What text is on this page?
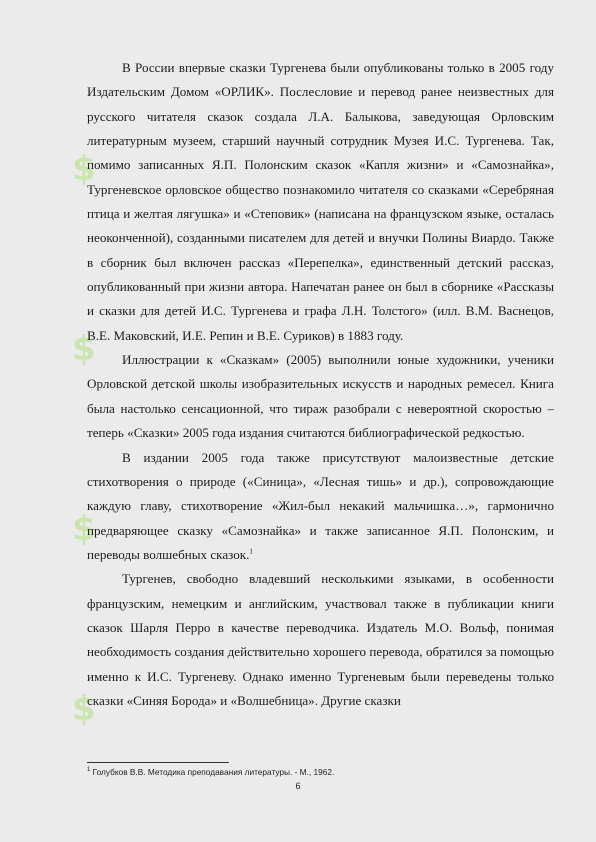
$
$
$
$

В России впервые сказки Тургенева были опубликованы только в 2005 году Издательским Домом «ОРЛИК». Послесловие и перевод ранее неизвестных для русского читателя сказок создала Л.А. Балыкова, заведующая Орловским литературным музеем, старший научный сотрудник Музея И.С. Тургенева. Так, помимо записанных Я.П. Полонским сказок «Капля жизни» и «Самознайка», Тургеневское орловское общество познакомило читателя со сказками «Серебряная птица и желтая лягушка» и «Степовик» (написана на французском языке, осталась неоконченной), созданными писателем для детей и внучки Полины Виардо. Также в сборник был включен рассказ «Перепелка», единственный детский рассказ, опубликованный при жизни автора. Напечатан ранее он был в сборнике «Рассказы и сказки для детей И.С. Тургенева и графа Л.Н. Толстого» (илл. В.М. Васнецов, В.Е. Маковский, И.Е. Репин и В.Е. Суриков) в 1883 году.

Иллюстрации к «Сказкам» (2005) выполнили юные художники, ученики Орловской детской школы изобразительных искусств и народных ремесел. Книга была настолько сенсационной, что тираж разобрали с невероятной скоростью – теперь «Сказки» 2005 года издания считаются библиографической редкостью.

В издании 2005 года также присутствуют малоизвестные детские стихотворения о природе («Синица», «Лесная тишь» и др.), сопровождающие каждую главу, стихотворение «Жил-был некакий мальчишка…», гармонично предваряющее сказку «Самознайка» и также записанное Я.П. Полонским, и переводы волшебных сказок.$^1$

Тургенев, свободно владевший несколькими языками, в особенности французским, немецким и английским, участвовал также в публикации книги сказок Шарля Перро в качестве переводчика. Издатель М.О. Вольф, понимая необходимость создания действительно хорошего перевода, обратился за помощью именно к И.С. Тургеневу. Однако именно Тургеневым были переведены только сказки «Синяя Борода» и «Волшебница». Другие сказки

$^1$ Голубков В.В. Методика преподавания литературы. - М., 1962.
6
